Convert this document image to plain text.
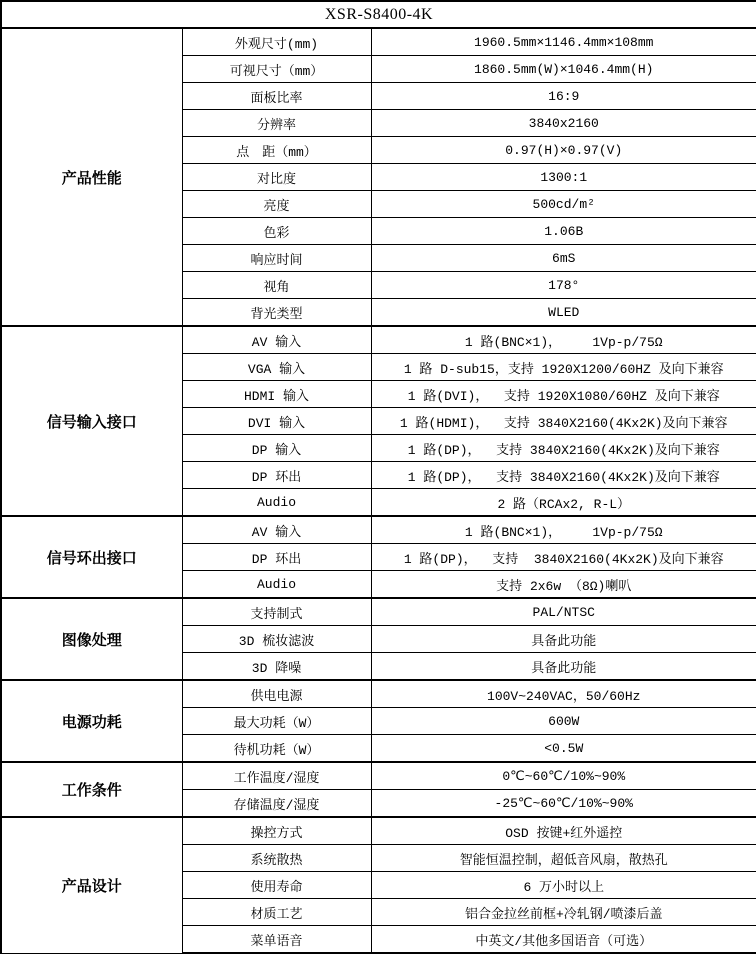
XSR-S8400-4K		
产品性能	外观尺寸(mm)	1960.5mm×1146.4mm×108mm
	可视尺寸（mm）	1860.5mm(W)×1046.4mm(H)
	面板比率	16:9
	分辨率	3840x2160
	点　距（mm）	0.97(H)×0.97(V)
	对比度	1300:1
	亮度	500cd/m²
	色彩	1.06B
	响应时间	6mS
	视角	178°
	背光类型	WLED
信号输入接口	AV 输入	1 路(BNC×1)，    1Vp-p/75Ω
	VGA 输入	1 路 D-sub15，支持 1920X1200/60HZ 及向下兼容
	HDMI 输入	1 路(DVI)，  支持 1920X1080/60HZ 及向下兼容
	DVI 输入	1 路(HDMI)，  支持 3840X2160(4Kx2K)及向下兼容
	DP 输入	1 路(DP)，  支持 3840X2160(4Kx2K)及向下兼容
	DP 环出	1 路(DP)，  支持 3840X2160(4Kx2K)及向下兼容
	Audio	2 路（RCAx2, R-L）
信号环出接口	AV 输入	1 路(BNC×1)，    1Vp-p/75Ω
	DP 环出	1 路(DP)，  支持  3840X2160(4Kx2K)及向下兼容
	Audio	支持 2x6w （8Ω)喇叭
图像处理	支持制式	PAL/NTSC
	3D 梳妆滤波	具备此功能
	3D 降噪	具备此功能
电源功耗	供电电源	100V~240VAC，50/60Hz
	最大功耗（W）	600W
	待机功耗（W）	<0.5W
工作条件	工作温度/湿度	0℃~60℃/10%~90%
	存储温度/湿度	-25℃~60℃/10%~90%
产品设计	操控方式	OSD 按键+红外遥控
	系统散热	智能恒温控制，超低音风扇，散热孔
	使用寿命	6 万小时以上
	材质工艺	铝合金拉丝前框+冷轧钢/喷漆后盖
	菜单语音	中英文/其他多国语音（可选）
